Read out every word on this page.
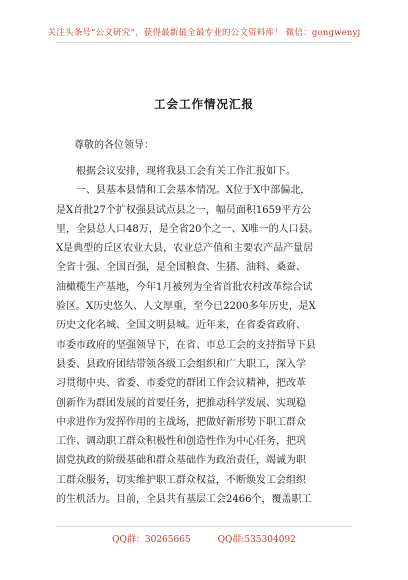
关注头条号“公文研究”，获得最新最全最专业的公文资料库！ 微信：gongwenyj
工会工作情况汇报
尊敬的各位领导：
根据会议安排，现将我县工会有关工作汇报如下。
一、县基本县情和工会基本情况。X位于X中部偏北，
是X首批27个扩权强县试点县之一，幅员面积1659平方公
里，全县总人口48万，是全省20个之一、X唯一的人口县。
X是典型的丘区农业大县，农业总产值和主要农产品产量居
全省十强、全国百强，是全国粮食、生猪、油料、桑蚕、
油橄榄生产基地，今年1月被列为全省首批农村改革综合试
验区。X历史悠久、人文厚重，至今已2200多年历史，是X
历史文化名城、全国文明县城。近年来，在省委省政府、
市委市政府的坚强领导下，在省、市总工会的支持指导下县
县委、县政府团结带领各级工会组织和广大职工，深入学
习贯彻中央、省委、市委党的群团工作会议精神，把改革
创新作为群团发展的首要任务，把推动科学发展、实现稳
中求进作为发挥作用的主战场，把做好新形势下职工群众
工作、调动职工群众积极性和创造性作为中心任务，把巩
固党执政的阶级基础和群众基础作为政治责任，竭诚为职
工群众服务，切实维护职工群众权益，不断焕发工会组织
的生机活力。目前，全县共有基层工会2466个，覆盖职工
QQ群：30265665	QQ群:535304092
